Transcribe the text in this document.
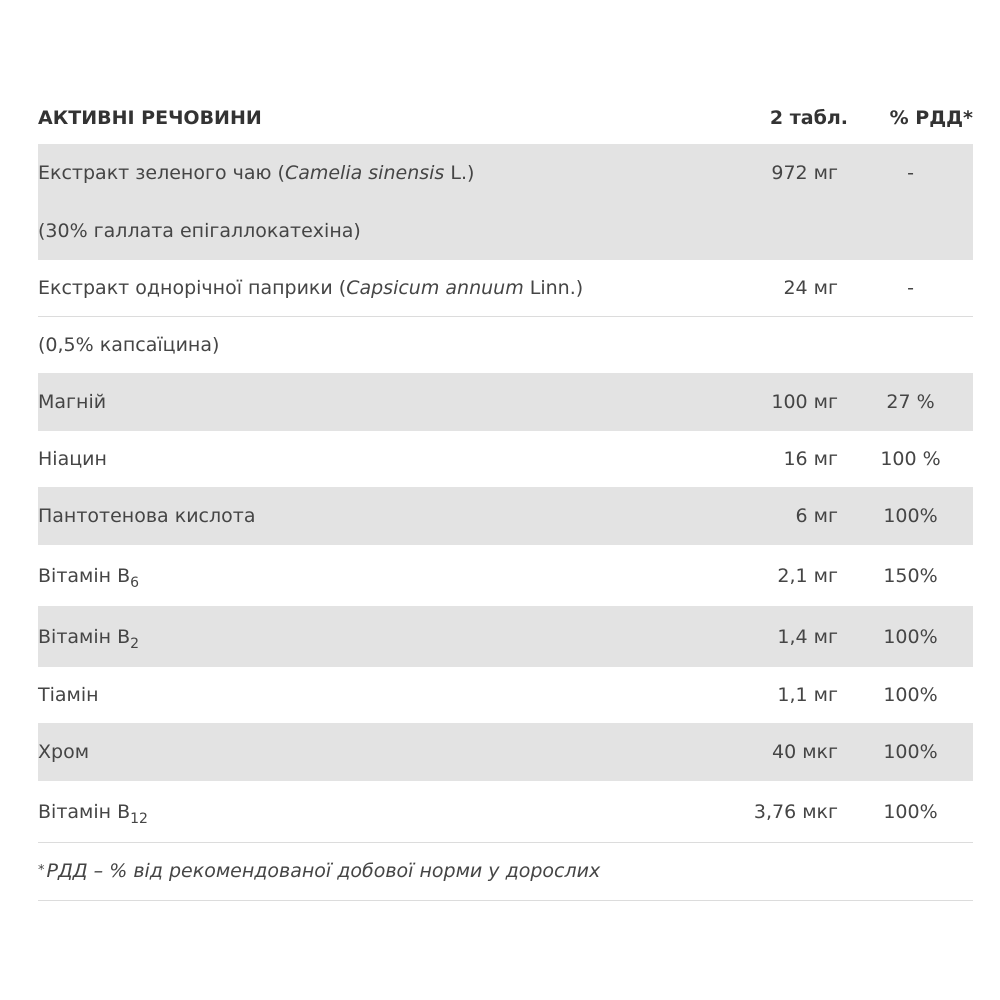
АКТИВНІ РЕЧОВИНИ	2 табл.	% РДД*
Екстракт зеленого чаю (Camelia sinensis L.)	972 мг	-
(30% галлата епігаллокатехіна)
Екстракт однорічної паприки (Capsicum annuum Linn.)	24 мг	-
(0,5% капсаїцина)
Магній	100 мг	27 %
Ніацин	16 мг	100 %
Пантотенова кислота	6 мг	100%
Вітамін $B_6$	2,1 мг	150%
Вітамін $B_2$	1,4 мг	100%
Тіамін	1,1 мг	100%
Хром	40 мкг	100%
Вітамін $B_{12}$	3,76 мкг	100%
* РДД – % від рекомендованої добової норми у дорослих
